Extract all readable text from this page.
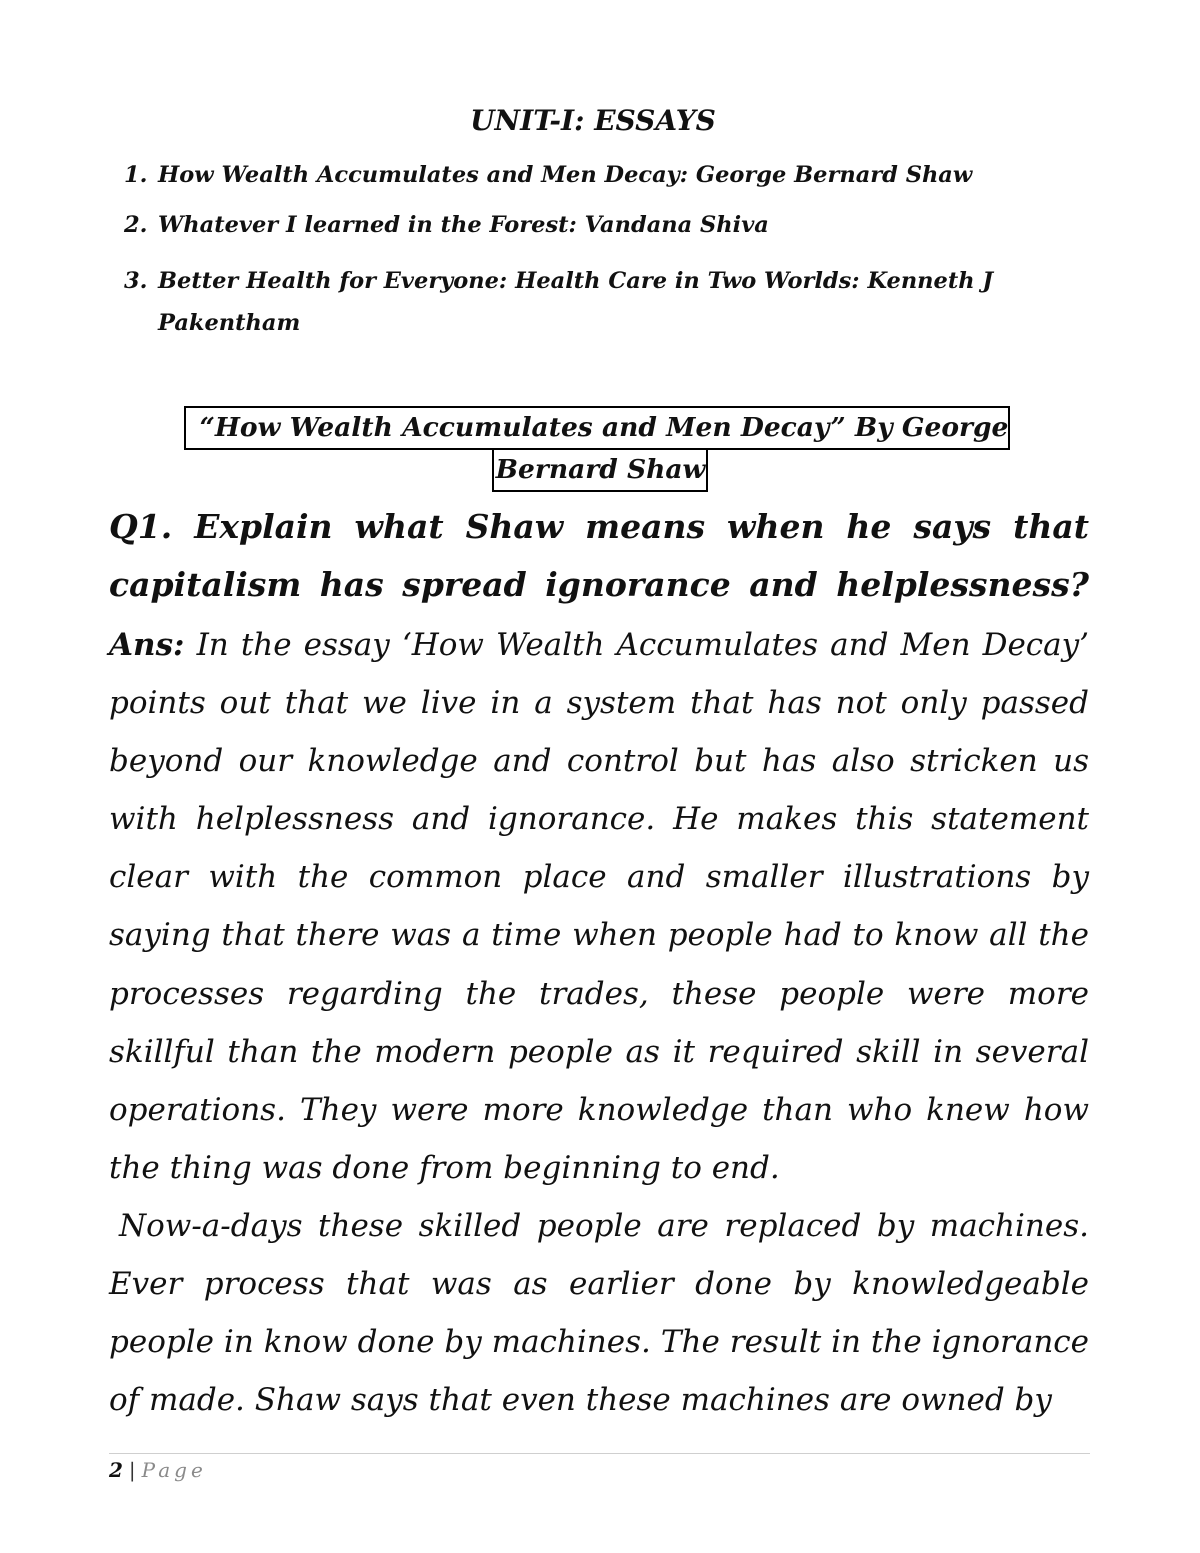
UNIT-I: ESSAYS
1. How Wealth Accumulates and Men Decay: George Bernard Shaw
2. Whatever I learned in the Forest: Vandana Shiva
3. Better Health for Everyone: Health Care in Two Worlds: Kenneth J Pakentham
“How Wealth Accumulates and Men Decay” By George
Bernard Shaw

Q1. Explain what Shaw means when he says that capitalism has spread ignorance and helplessness?

Ans: In the essay ‘How Wealth Accumulates and Men Decay’ points out that we live in a system that has not only passed beyond our knowledge and control but has also stricken us with helplessness and ignorance. He makes this statement clear with the common place and smaller illustrations by saying that there was a time when people had to know all the processes regarding the trades, these people were more skillful than the modern people as it required skill in several operations. They were more knowledge than who knew how the thing was done from beginning to end.

Now-a-days these skilled people are replaced by machines. Ever process that was as earlier done by knowledgeable people in know done by machines. The result in the ignorance of made. Shaw says that even these machines are owned by

2 | Page
